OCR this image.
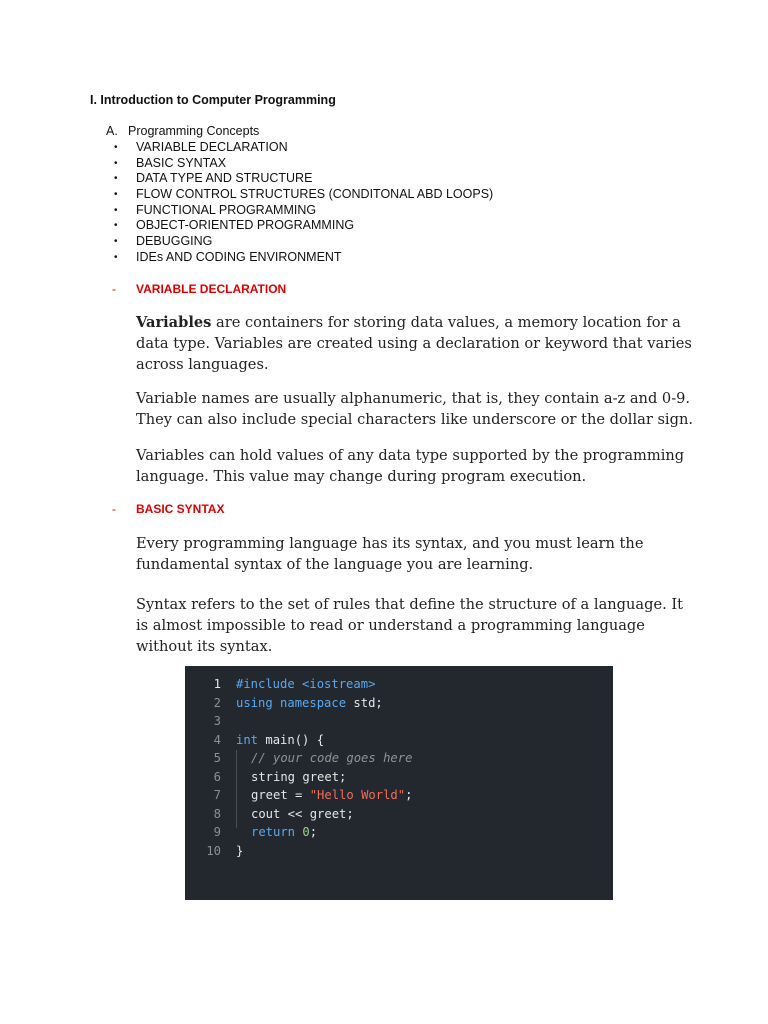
I. Introduction to Computer Programming
A. Programming Concepts
•	VARIABLE DECLARATION
•	BASIC SYNTAX
•	DATA TYPE AND STRUCTURE
•	FLOW CONTROL STRUCTURES (CONDITONAL ABD LOOPS)
•	FUNCTIONAL PROGRAMMING
•	OBJECT-ORIENTED PROGRAMMING
•	DEBUGGING
•	IDEs AND CODING ENVIRONMENT
-	VARIABLE DECLARATION

Variables are containers for storing data values, a memory location for a data type. Variables are created using a declaration or keyword that varies across languages.

Variable names are usually alphanumeric, that is, they contain a-z and 0-9. They can also include special characters like underscore or the dollar sign.

Variables can hold values of any data type supported by the programming language. This value may change during program execution.

-	BASIC SYNTAX

Every programming language has its syntax, and you must learn the fundamental syntax of the language you are learning.

Syntax refers to the set of rules that define the structure of a language. It is almost impossible to read or understand a programming language without its syntax.

1 #include <iostream>
2 using namespace std;
3
4 int main() {
5 // your code goes here
6 string greet;
7 greet = "Hello World";
8 cout << greet;
9 return 0;
10 }
